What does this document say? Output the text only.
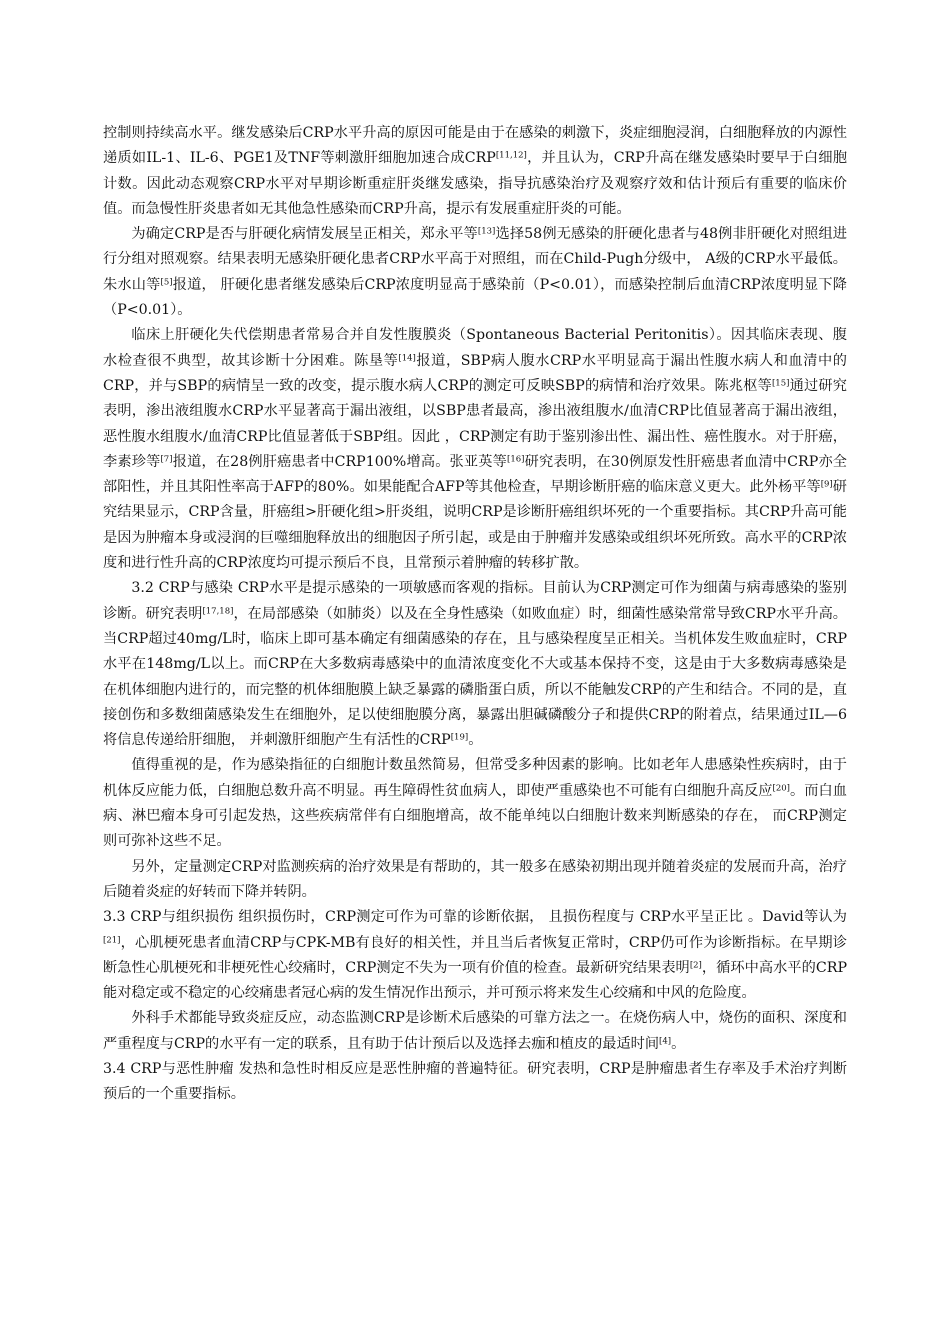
控制则持续高水平。继发感染后CRP水平升高的原因可能是由于在感染的刺激下，炎症细胞浸润，白细胞释放的内源性递质如IL-1、IL-6、PGE1及TNF等刺激肝细胞加速合成CRP[11,12]，并且认为，CRP升高在继发感染时要早于白细胞计数。因此动态观察CRP水平对早期诊断重症肝炎继发感染，指导抗感染治疗及观察疗效和估计预后有重要的临床价值。而急慢性肝炎患者如无其他急性感染而CRP升高，提示有发展重症肝炎的可能。

为确定CRP是否与肝硬化病情发展呈正相关，郑永平等[13]选择58例无感染的肝硬化患者与48例非肝硬化对照组进行分组对照观察。结果表明无感染肝硬化患者CRP水平高于对照组，而在Child-Pugh分级中， A级的CRP水平最低。朱水山等[5]报道， 肝硬化患者继发感染后CRP浓度明显高于感染前（P<0.01），而感染控制后血清CRP浓度明显下降（P<0.01）。

临床上肝硬化失代偿期患者常易合并自发性腹膜炎（Spontaneous Bacterial Peritonitis）。因其临床表现、腹水检查很不典型，故其诊断十分困难。陈垦等[14]报道，SBP病人腹水CRP水平明显高于漏出性腹水病人和血清中的CRP，并与SBP的病情呈一致的改变，提示腹水病人CRP的测定可反映SBP的病情和治疗效果。陈兆枢等[15]通过研究表明，渗出液组腹水CRP水平显著高于漏出液组，以SBP患者最高，渗出液组腹水/血清CRP比值显著高于漏出液组， 恶性腹水组腹水/血清CRP比值显著低于SBP组。因此 ，CRP测定有助于鉴别渗出性、漏出性、癌性腹水。对于肝癌，李素珍等[7]报道，在28例肝癌患者中CRP100%增高。张亚英等[16]研究表明，在30例原发性肝癌患者血清中CRP亦全部阳性，并且其阳性率高于AFP的80%。如果能配合AFP等其他检查，早期诊断肝癌的临床意义更大。此外杨平等[9]研究结果显示，CRP含量，肝癌组>肝硬化组>肝炎组，说明CRP是诊断肝癌组织坏死的一个重要指标。其CRP升高可能是因为肿瘤本身或浸润的巨噬细胞释放出的细胞因子所引起，或是由于肿瘤并发感染或组织坏死所致。高水平的CRP浓度和进行性升高的CRP浓度均可提示预后不良，且常预示着肿瘤的转移扩散。

3.2 CRP与感染 CRP水平是提示感染的一项敏感而客观的指标。目前认为CRP测定可作为细菌与病毒感染的鉴别诊断。研究表明[17,18]，在局部感染（如肺炎）以及在全身性感染（如败血症）时，细菌性感染常常导致CRP水平升高。当CRP超过40mg/L时，临床上即可基本确定有细菌感染的存在，且与感染程度呈正相关。当机体发生败血症时，CRP水平在148mg/L以上。而CRP在大多数病毒感染中的血清浓度变化不大或基本保持不变，这是由于大多数病毒感染是在机体细胞内进行的，而完整的机体细胞膜上缺乏暴露的磷脂蛋白质，所以不能触发CRP的产生和结合。不同的是，直接创伤和多数细菌感染发生在细胞外，足以使细胞膜分离，暴露出胆碱磷酸分子和提供CRP的附着点，结果通过IL—6将信息传递给肝细胞， 并刺激肝细胞产生有活性的CRP[19]。

值得重视的是，作为感染指征的白细胞计数虽然简易，但常受多种因素的影响。比如老年人患感染性疾病时，由于机体反应能力低，白细胞总数升高不明显。再生障碍性贫血病人，即使严重感染也不可能有白细胞升高反应[20]。而白血病、淋巴瘤本身可引起发热，这些疾病常伴有白细胞增高，故不能单纯以白细胞计数来判断感染的存在， 而CRP测定则可弥补这些不足。

另外，定量测定CRP对监测疾病的治疗效果是有帮助的，其一般多在感染初期出现并随着炎症的发展而升高，治疗后随着炎症的好转而下降并转阴。

3.3 CRP与组织损伤 组织损伤时，CRP测定可作为可靠的诊断依据， 且损伤程度与 CRP水平呈正比 。David等认为[21]，心肌梗死患者血清CRP与CPK-MB有良好的相关性，并且当后者恢复正常时，CRP仍可作为诊断指标。在早期诊断急性心肌梗死和非梗死性心绞痛时，CRP测定不失为一项有价值的检查。最新研究结果表明[2]，循环中高水平的CRP能对稳定或不稳定的心绞痛患者冠心病的发生情况作出预示，并可预示将来发生心绞痛和中风的危险度。

外科手术都能导致炎症反应，动态监测CRP是诊断术后感染的可靠方法之一。在烧伤病人中，烧伤的面积、深度和严重程度与CRP的水平有一定的联系，且有助于估计预后以及选择去痂和植皮的最适时间[4]。

3.4 CRP与恶性肿瘤 发热和急性时相反应是恶性肿瘤的普遍特征。研究表明，CRP是肿瘤患者生存率及手术治疗判断预后的一个重要指标。
